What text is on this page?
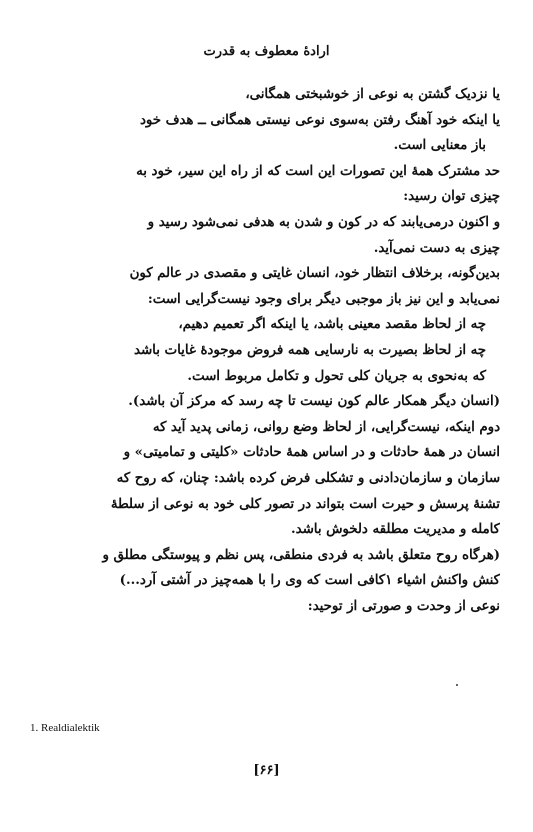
ارادهٔ معطوف به قدرت
یا نزدیک گشتن به نوعی از خوشبختی همگانی،
یا اینکه خود آهنگ رفتن به‌سوی نوعی نیستی همگانی ــ هدف خود
باز معنایی است.
حد مشترک همهٔ این تصورات این است که از راه این سیر، خود به
چیزی توان رسید:
و اکنون درمی‌یابند که در کون و شدن به هدفی نمی‌شود رسید و
چیزی به دست نمی‌آید.
بدین‌گونه، برخلاف انتظار خود، انسان غایتی و مقصدی در عالم کون
نمی‌یابد و این نیز باز موجبی دیگر برای وجود نیست‌گرایی است:
چه از لحاظ مقصد معینی باشد، یا اینکه اگر تعمیم دهیم،
چه از لحاظ بصیرت به نارسایی همه فروض موجودهٔ غایات باشد
که به‌نحوی به جریان کلی تحول و تکامل مربوط است.
(انسان دیگر همکار عالم کون نیست تا چه رسد که مرکز آن باشد).
دوم اینکه، نیست‌گرایی، از لحاظ وضع روانی، زمانی پدید آید که
انسان در همهٔ حادثات و در اساس همهٔ حادثات «کلیتی و تمامیتی» و
سازمان و سازمان‌دادنی و تشکلی فرض کرده باشد: چنان، که روح که
تشنهٔ پرسش و حیرت است بتواند در تصور کلی خود به نوعی از سلطهٔ
کامله و مدیریت مطلقه دلخوش باشد.
(هرگاه روح متعلق باشد به فردی منطقی، پس نظم و پیوستگی مطلق و
کنش واکنش اشیاء ۱کافی است که وی را با همه‌چیز در آشتی آرد...)
نوعی از وحدت و صورتی از توحید:
1. Realdialektik
[۶۶]
